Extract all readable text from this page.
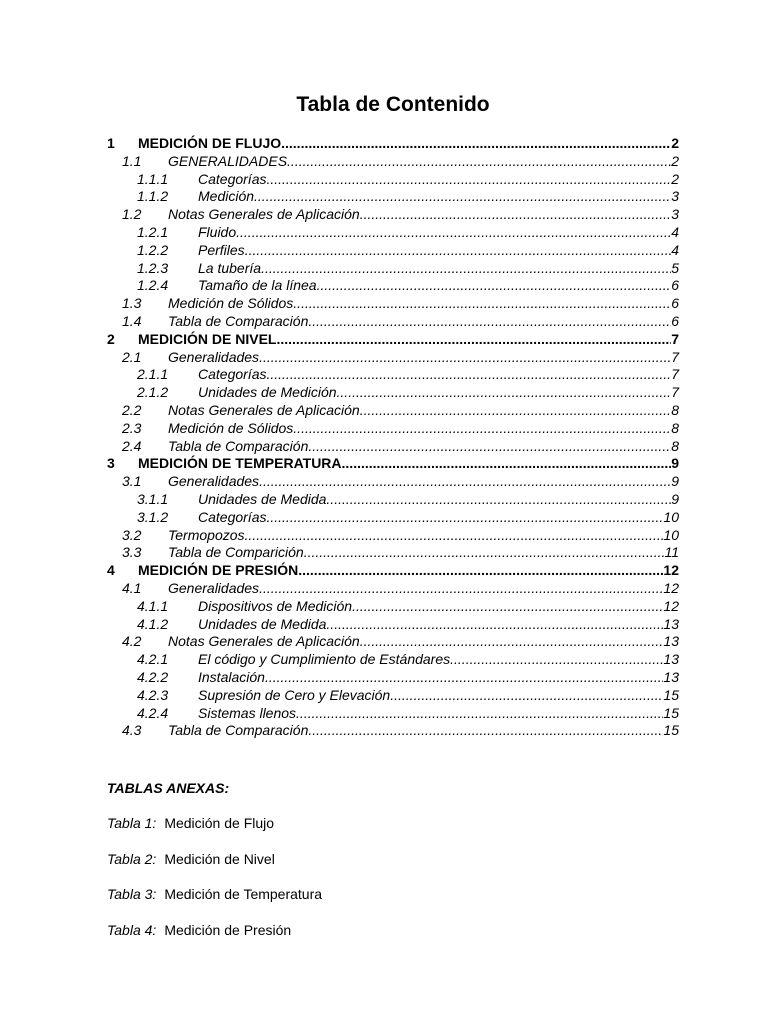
Tabla de Contenido
1 MEDICIÓN DE FLUJO .....	2
1.1 GENERALIDADES .....	2
1.1.1 Categorías .....	2
1.1.2 Medición .....	3
1.2 Notas Generales de Aplicación .....	3
1.2.1 Fluido .....	4
1.2.2 Perfiles .....	4
1.2.3 La tubería .....	5
1.2.4 Tamaño de la línea .....	6
1.3 Medición de Sólidos .....	6
1.4 Tabla de Comparación .....	6
2 MEDICIÓN DE NIVEL .....	7
2.1 Generalidades .....	7
2.1.1 Categorías .....	7
2.1.2 Unidades de Medición .....	7
2.2 Notas Generales de Aplicación .....	8
2.3 Medición de Sólidos .....	8
2.4 Tabla de Comparación .....	8
3 MEDICIÓN DE TEMPERATURA .....	9
3.1 Generalidades .....	9
3.1.1 Unidades de Medida .....	9
3.1.2 Categorías .....	10
3.2 Termopozos .....	10
3.3 Tabla de Comparición .....	11
4 MEDICIÓN DE PRESIÓN .....	12
4.1 Generalidades .....	12
4.1.1 Dispositivos de Medición .....	12
4.1.2 Unidades de Medida .....	13
4.2 Notas Generales de Aplicación .....	13
4.2.1 El código y Cumplimiento de Estándares .....	13
4.2.2 Instalación .....	13
4.2.3 Supresión de Cero y Elevación .....	15
4.2.4 Sistemas llenos .....	15
4.3 Tabla de Comparación .....	15
TABLAS ANEXAS:
Tabla 1: Medición de Flujo
Tabla 2: Medición de Nivel
Tabla 3: Medición de Temperatura
Tabla 4: Medición de Presión
